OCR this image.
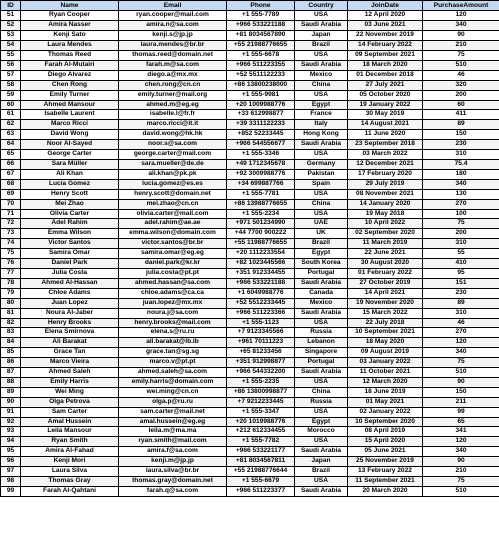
ID	Name	Email	Phone	Country	JoinDate	PurchaseAmount
51	Ryan Cooper	ryan.cooper@mail.com	+1 555-7789	USA	12 April 2020	120
52	Amira Nasser	amira.n@sa.com	+966 533221188	Saudi Arabia	03 June 2021	340
53	Kenji Sato	kenji.s@jp.jp	+81 8034567890	Japan	22 November 2019	90
54	Laura Mendes	laura.mendes@br.br	+55 21988776655	Brazil	14 February 2022	210
55	Thomas Reed	thomas.reed@domain.net	+1 555-6678	USA	09 September 2021	75
56	Farah Al-Mutairi	farah.m@sa.com	+966 511223355	Saudi Arabia	18 March 2020	510
57	Diego Alvarez	diego.a@mx.mx	+52 5511122233	Mexico	01 December 2018	46
58	Chen Rong	chen.rong@cn.cn	+86 13800238000	China	27 July 2021	320
59	Emily Turner	emily.turner@mail.org	+1 555-9981	USA	05 October 2020	200
60	Ahmed Mansour	ahmed.m@eg.eg	+20 1009988776	Egypt	19 January 2022	60
61	Isabelle Laurent	isabelle.l@fr.fr	+33 612998877	France	30 May 2019	411
62	Marco Ricci	marco.ricci@it.it	+39 3311122233	Italy	14 August 2021	89
63	David Wong	david.wong@hk.hk	+852 52233445	Hong Kong	11 June 2020	150
64	Noor Al-Sayed	noor.s@sa.com	+966 544556677	Saudi Arabia	23 September 2018	230
65	George Carter	george.carter@mail.com	+1 555-3346	USA	03 March 2022	310
66	Sara Müller	sara.mueller@de.de	+49 1712345678	Germany	12 December 2021	75.4
67	Ali Khan	ali.khan@pk.pk	+92 3009988776	Pakistan	17 February 2020	180
68	Lucia Gomez	lucia.gomez@es.es	+34 699887766	Spain	29 July 2019	340
69	Henry Scott	henry.scott@domain.net	+1 555-7781	USA	08 November 2021	130
70	Mei Zhao	mei.zhao@cn.cn	+86 13988776655	China	14 January 2020	270
71	Olivia Carter	olivia.carter@mail.com	+1 555-2234	USA	19 May 2018	100
72	Adel Rahim	adel.rahim@ae.ae	+971 501234990	UAE	10 April 2022	75
73	Emma Wilson	emma.wilson@domain.com	+44 7700 900222	UK	02 September 2020	200
74	Victor Santos	victor.santos@br.br	+55 11988776655	Brazil	11 March 2019	310
75	Samira Omar	samira.omar@eg.eg	+20 1112233554	Egypt	22 June 2021	55
76	Daniel Park	daniel.park@kr.kr	+82 1023445566	South Korea	30 August 2020	410
77	Julia Costa	julia.costa@pt.pt	+351 912334455	Portugal	01 February 2022	95
78	Ahmed Al-Hassan	ahmed.hassan@sa.com	+966 533221188	Saudi Arabia	27 October 2019	151
79	Chloe Adams	chloe.adams@ca.ca	+1 6049988776	Canada	14 April 2021	230
80	Juan Lopez	juan.lopez@mx.mx	+52 5512233445	Mexico	19 November 2020	89
81	Noura Al-Jaber	noura.j@sa.com	+966 511223366	Saudi Arabia	15 March 2022	310
82	Henry Brooks	henry.brooks@mail.com	+1 555-1123	USA	22 July 2018	46
83	Elena Smirnova	elena.s@ru.ru	+7 9123345566	Russia	10 September 2021	270
84	Ali Barakat	ali.barakat@lb.lb	+961 70111223	Lebanon	18 May 2020	120
85	Grace Tan	grace.tan@sg.sg	+65 81233456	Singapore	09 August 2019	340
86	Marco Vieira	marco.v@pt.pt	+351 912998877	Portugal	03 January 2022	75
87	Ahmed Saleh	ahmed.saleh@sa.com	+966 544332200	Saudi Arabia	11 October 2021	510
88	Emily Harris	emily.harris@domain.com	+1 555-2235	USA	12 March 2020	90
89	Wei Ming	wei.ming@cn.cn	+86 13800998877	China	18 June 2019	150
90	Olga Petrova	olga.p@ru.ru	+7 9212233445	Russia	01 May 2021	211
91	Sam Carter	sam.carter@mail.net	+1 555-3347	USA	02 January 2022	99
92	Amal Hussein	amal.hussein@eg.eg	+20 1019988776	Egypt	10 September 2020	65
93	Leila Mansour	leila.m@ma.ma	+212 612334455	Morocco	08 April 2019	341
94	Ryan Smith	ryan.smith@mail.com	+1 555-7782	USA	15 April 2020	120
95	Amira Al-Fahad	amira.f@sa.com	+966 533221177	Saudi Arabia	05 June 2021	340
96	Kenji Mori	kenji.m@jp.jp	+81 8034567811	Japan	25 November 2019	90
97	Laura Silva	laura.silva@br.br	+55 21988776644	Brazil	13 February 2022	210
98	Thomas Gray	thomas.gray@domain.net	+1 555-6679	USA	11 September 2021	75
99	Farah Al-Qahtani	farah.q@sa.com	+966 511223377	Saudi Arabia	20 March 2020	510
